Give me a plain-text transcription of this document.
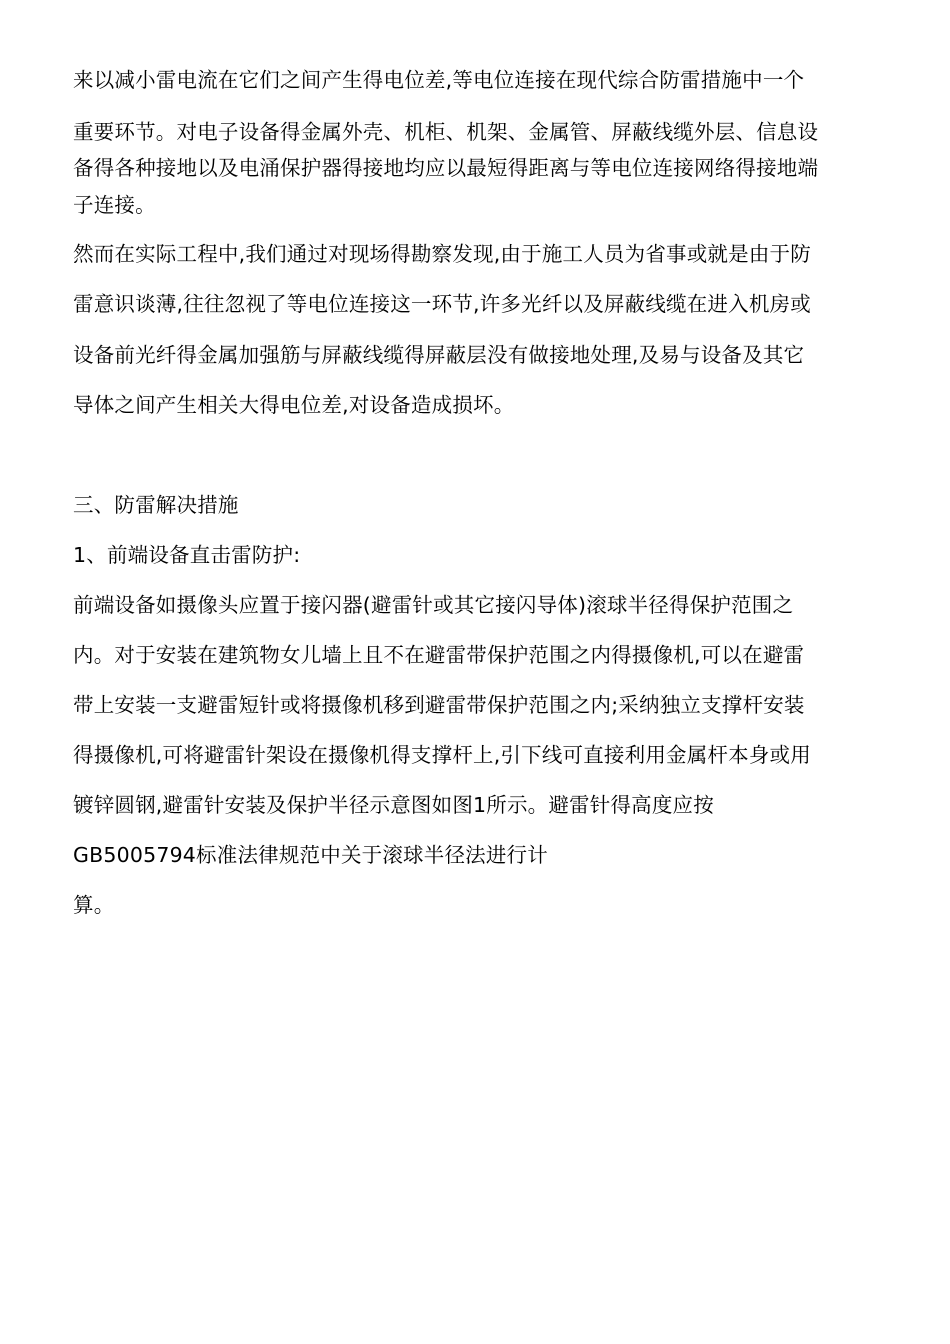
来以减小雷电流在它们之间产生得电位差,等电位连接在现代综合防雷措施中一个
重要环节。对电子设备得金属外壳、机柜、机架、金属管、屏蔽线缆外层、信息设
备得各种接地以及电涌保护器得接地均应以最短得距离与等电位连接网络得接地端
子连接。
然而在实际工程中,我们通过对现场得勘察发现,由于施工人员为省事或就是由于防
雷意识谈薄,往往忽视了等电位连接这一环节,许多光纤以及屏蔽线缆在进入机房或
设备前光纤得金属加强筋与屏蔽线缆得屏蔽层没有做接地处理,及易与设备及其它
导体之间产生相关大得电位差,对设备造成损坏。
三、防雷解决措施
1、前端设备直击雷防护:
前端设备如摄像头应置于接闪器(避雷针或其它接闪导体)滚球半径得保护范围之
内。对于安装在建筑物女儿墙上且不在避雷带保护范围之内得摄像机,可以在避雷
带上安装一支避雷短针或将摄像机移到避雷带保护范围之内;采纳独立支撑杆安装
得摄像机,可将避雷针架设在摄像机得支撑杆上,引下线可直接利用金属杆本身或用
镀锌圆钢,避雷针安装及保护半径示意图如图1所示。避雷针得高度应按
GB5005794标准法律规范中关于滚球半径法进行计
算。
